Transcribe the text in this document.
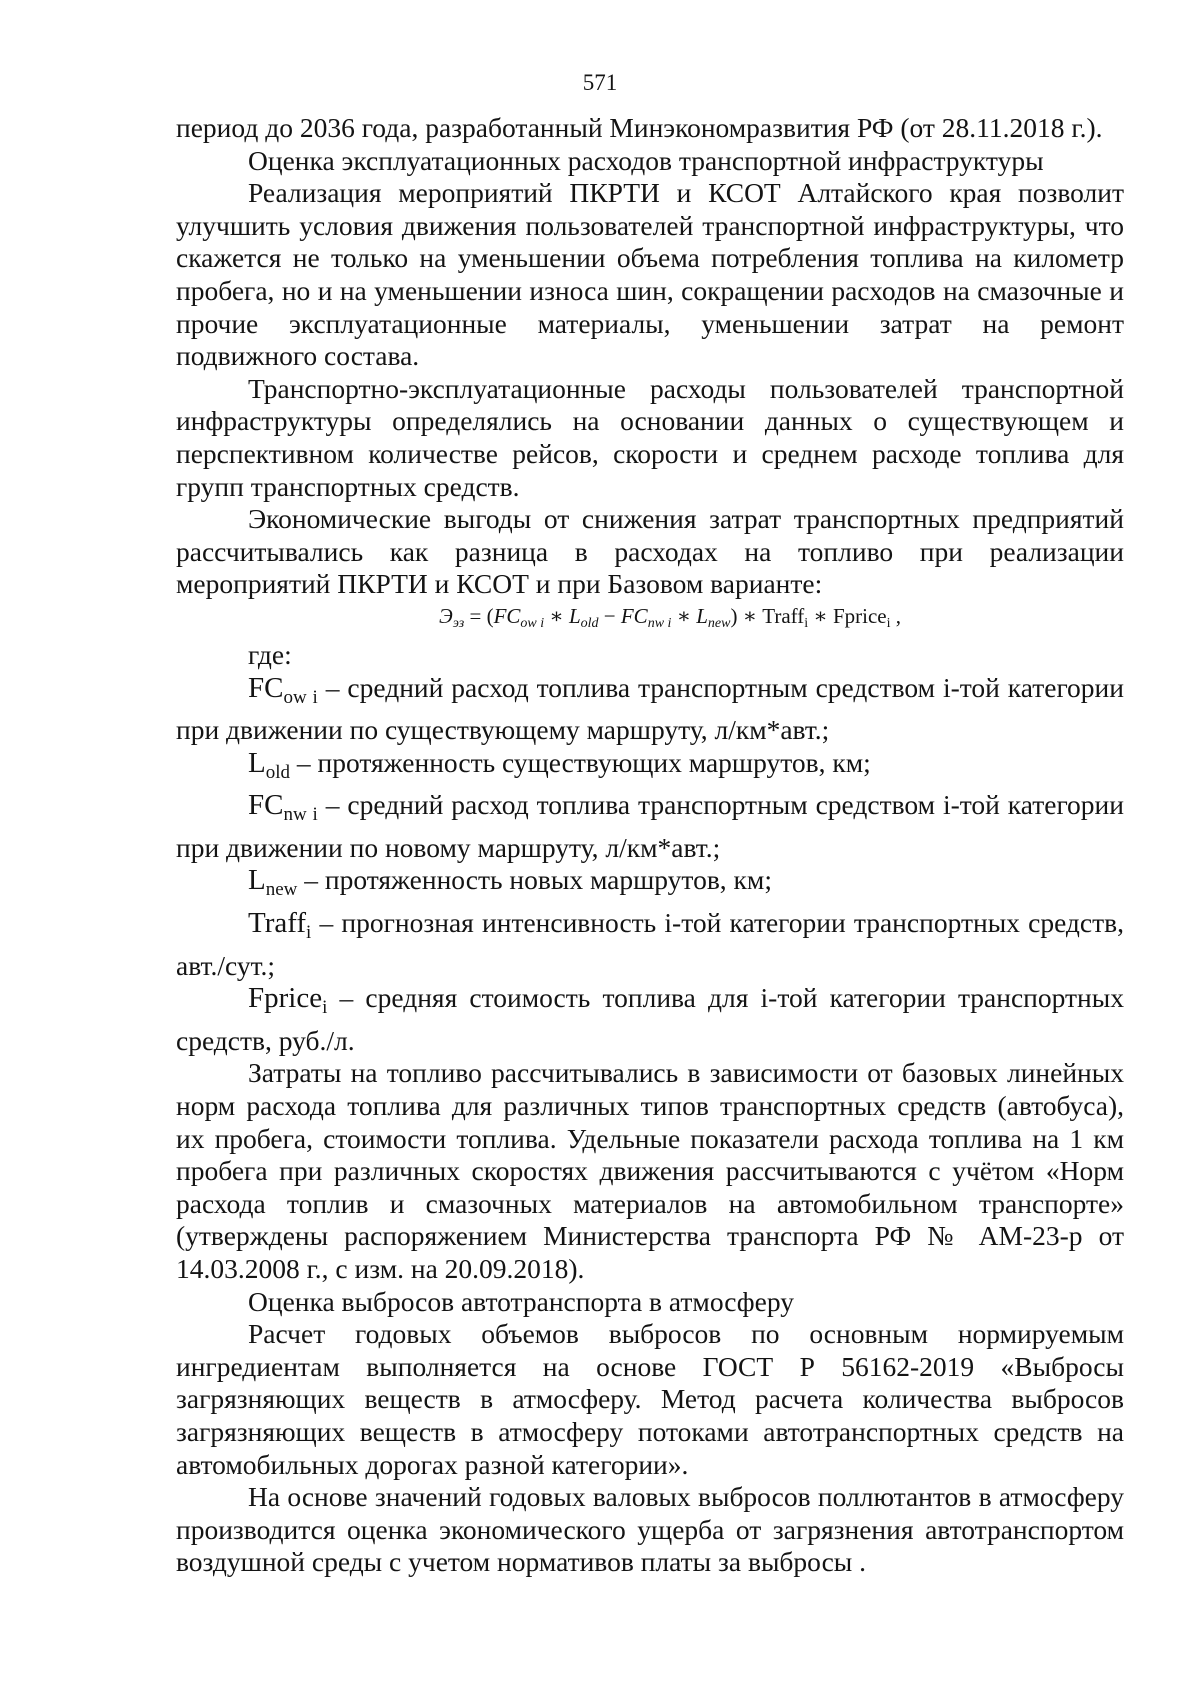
571

период до 2036 года, разработанный Минэкономразвития РФ (от 28.11.2018 г.).

Оценка эксплуатационных расходов транспортной инфраструктуры

Реализация мероприятий ПКРТИ и КСОТ Алтайского края позволит улучшить условия движения пользователей транспортной инфраструктуры, что скажется не только на уменьшении объема потребления топлива на километр пробега, но и на уменьшении износа шин, сокращении расходов на смазочные и прочие эксплуатационные материалы, уменьшении затрат на ремонт подвижного состава.

Транспортно-эксплуатационные расходы пользователей транспортной инфраструктуры определялись на основании данных о существующем и перспективном количестве рейсов, скорости и среднем расходе топлива для групп транспортных средств.

Экономические выгоды от снижения затрат транспортных предприятий рассчитывались как разница в расходах на топливо при реализации мероприятий ПКРТИ и КСОТ и при Базовом варианте:

Ээз = (FCow i ∗ Lold − FCnw i ∗ Lnew) ∗ Traffi ∗ Fpricei ,

где:

$FC_{ow i}$ – средний расход топлива транспортным средством i-той категории при движении по существующему маршруту, л/км*авт.;

$L_{old}$ – протяженность существующих маршрутов, км;

$FC_{nw i}$ – средний расход топлива транспортным средством i-той категории при движении по новому маршруту, л/км*авт.;

$L_{new}$ – протяженность новых маршрутов, км;

Traff$_i$ – прогнозная интенсивность i-той категории транспортных средств, авт./сут.;

Fprice$_i$ – средняя стоимость топлива для i-той категории транспортных средств, руб./л.

Затраты на топливо рассчитывались в зависимости от базовых линейных норм расхода топлива для различных типов транспортных средств (автобуса), их пробега, стоимости топлива. Удельные показатели расхода топлива на 1 км пробега при различных скоростях движения рассчитываются с учётом «Норм расхода топлив и смазочных материалов на автомобильном транспорте» (утверждены распоряжением Министерства транспорта РФ № АМ-23-р от 14.03.2008 г., с изм. на 20.09.2018).

Оценка выбросов автотранспорта в атмосферу

Расчет годовых объемов выбросов по основным нормируемым ингредиентам выполняется на основе ГОСТ Р 56162-2019 «Выбросы загрязняющих веществ в атмосферу. Метод расчета количества выбросов загрязняющих веществ в атмосферу потоками автотранспортных средств на автомобильных дорогах разной категории».

На основе значений годовых валовых выбросов поллютантов в атмосферу производится оценка экономического ущерба от загрязнения автотранспортом воздушной среды с учетом нормативов платы за выбросы .
